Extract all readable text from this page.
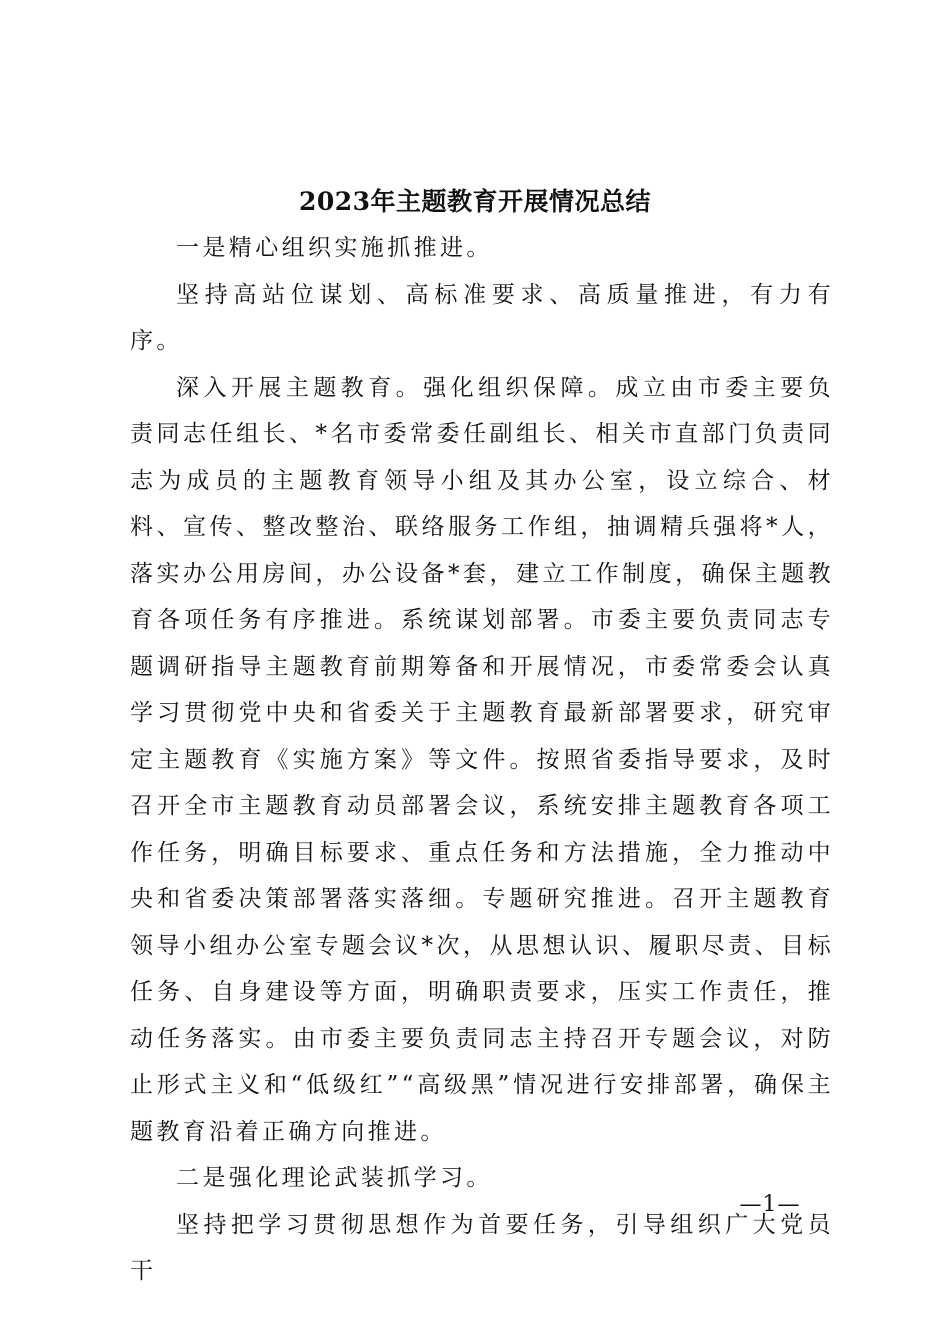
2023年主题教育开展情况总结

一是精心组织实施抓推进。

坚持高站位谋划、高标准要求、高质量推进，有力有序。

深入开展主题教育。强化组织保障。成立由市委主要负责同志任组长、*名市委常委任副组长、相关市直部门负责同志为成员的主题教育领导小组及其办公室，设立综合、材料、宣传、整改整治、联络服务工作组，抽调精兵强将*人，落实办公用房间，办公设备*套，建立工作制度，确保主题教育各项任务有序推进。系统谋划部署。市委主要负责同志专题调研指导主题教育前期筹备和开展情况，市委常委会认真学习贯彻党中央和省委关于主题教育最新部署要求，研究审定主题教育《实施方案》等文件。按照省委指导要求，及时召开全市主题教育动员部署会议，系统安排主题教育各项工作任务，明确目标要求、重点任务和方法措施，全力推动中央和省委决策部署落实落细。专题研究推进。召开主题教育领导小组办公室专题会议*次，从思想认识、履职尽责、目标任务、自身建设等方面，明确职责要求，压实工作责任，推动任务落实。由市委主要负责同志主持召开专题会议，对防止形式主义和“低级红”“高级黑”情况进行安排部署，确保主题教育沿着正确方向推进。

二是强化理论武装抓学习。

坚持把学习贯彻思想作为首要任务，引导组织广大党员干

—1—
